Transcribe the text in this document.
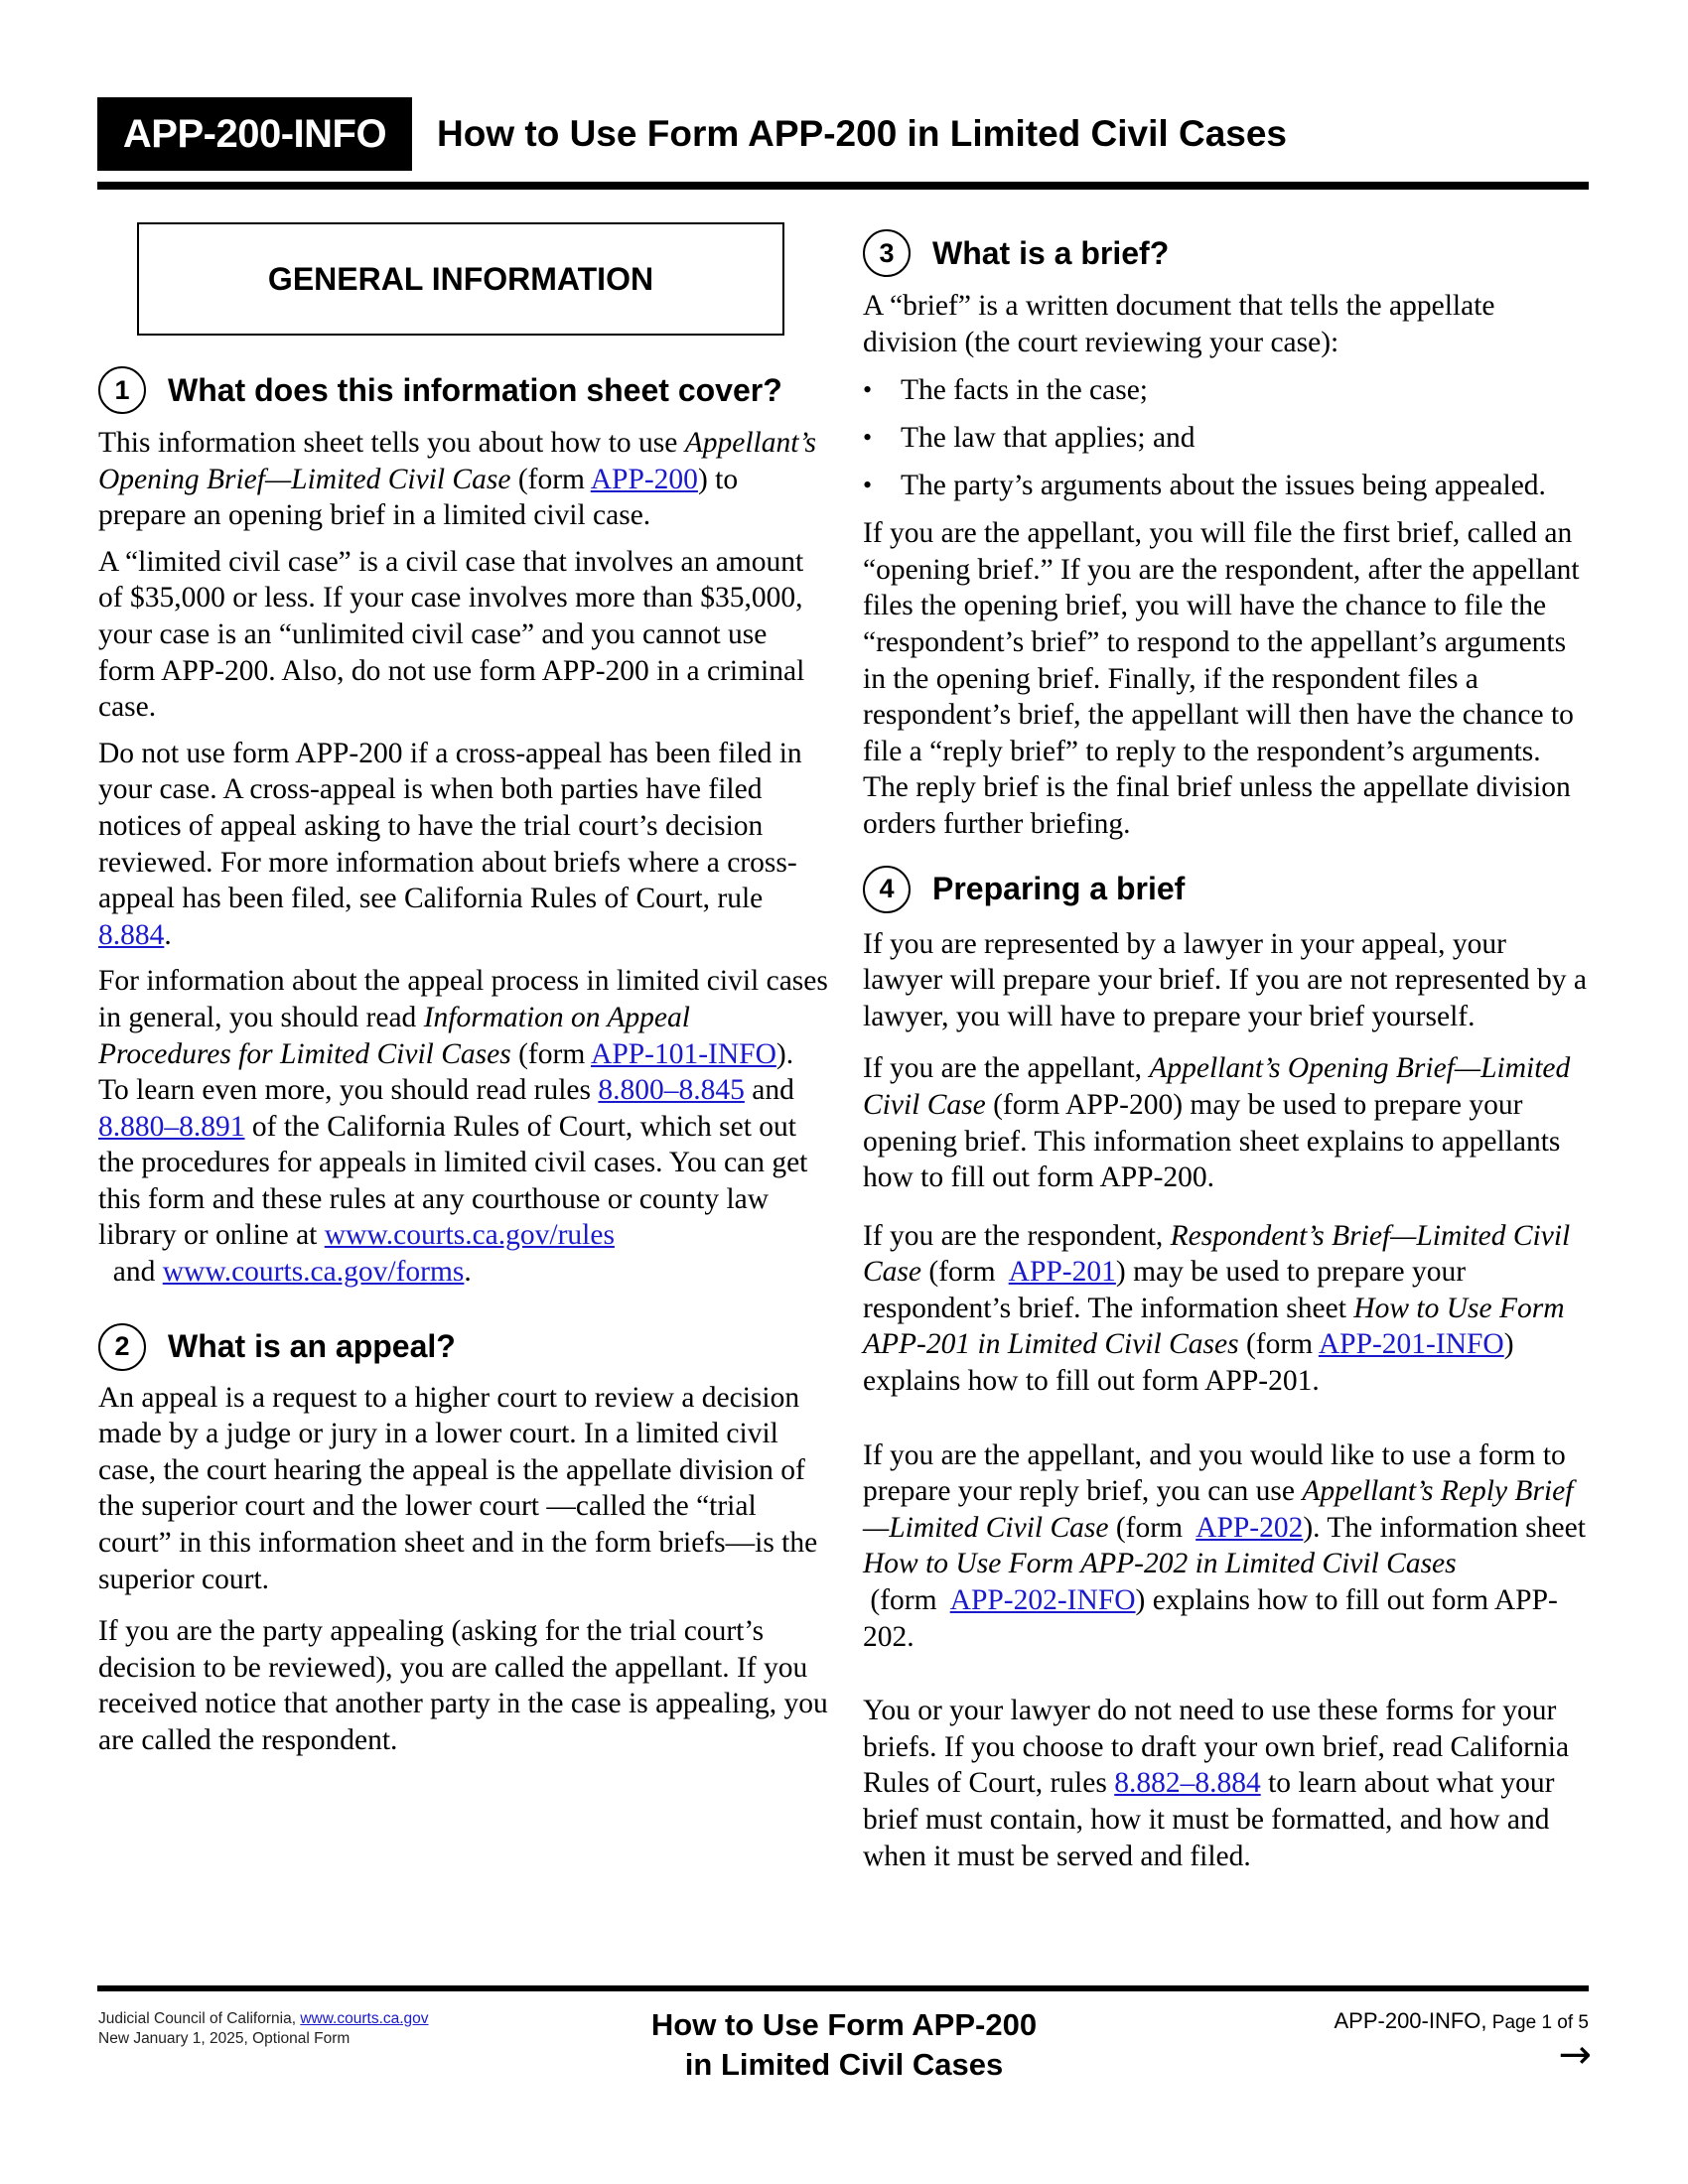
APP-200-INFO	How to Use Form APP-200 in Limited Civil Cases
GENERAL INFORMATION
1	What does this information sheet cover?

This information sheet tells you about how to use Appellant’s Opening Brief—Limited Civil Case (form APP-200) to prepare an opening brief in a limited civil case.

A “limited civil case” is a civil case that involves an amount of $35,000 or less. If your case involves more than $35,000, your case is an “unlimited civil case” and you cannot use form APP-200. Also, do not use form APP-200 in a criminal case.

Do not use form APP-200 if a cross-appeal has been filed in your case. A cross-appeal is when both parties have filed notices of appeal asking to have the trial court’s decision reviewed. For more information about briefs where a cross-appeal has been filed, see California Rules of Court, rule 8.884.

For information about the appeal process in limited civil cases in general, you should read Information on Appeal Procedures for Limited Civil Cases (form APP-101-INFO). To learn even more, you should read rules 8.800–8.845 and 8.880–8.891 of the California Rules of Court, which set out the procedures for appeals in limited civil cases. You can get this form and these rules at any courthouse or county law library or online at www.courts.ca.gov/rules  and www.courts.ca.gov/forms.

2	What is an appeal?

An appeal is a request to a higher court to review a decision made by a judge or jury in a lower court. In a limited civil case, the court hearing the appeal is the appellate division of the superior court and the lower court —called the “trial court” in this information sheet and in the form briefs—is the superior court.

If you are the party appealing (asking for the trial court’s decision to be reviewed), you are called the appellant. If you received notice that another party in the case is appealing, you are called the respondent.

3	What is a brief?

A “brief” is a written document that tells the appellate division (the court reviewing your case):

• The facts in the case;
• The law that applies; and
• The party’s arguments about the issues being appealed.

If you are the appellant, you will file the first brief, called an “opening brief.” If you are the respondent, after the appellant files the opening brief, you will have the chance to file the “respondent’s brief” to respond to the appellant’s arguments in the opening brief. Finally, if the respondent files a respondent’s brief, the appellant will then have the chance to file a “reply brief” to reply to the respondent’s arguments. The reply brief is the final brief unless the appellate division orders further briefing.

4	Preparing a brief

If you are represented by a lawyer in your appeal, your lawyer will prepare your brief. If you are not represented by a lawyer, you will have to prepare your brief yourself.

If you are the appellant, Appellant’s Opening Brief—Limited Civil Case (form APP-200) may be used to prepare your opening brief. This information sheet explains to appellants how to fill out form APP-200.

If you are the respondent, Respondent’s Brief—Limited Civil Case (form  APP-201) may be used to prepare your respondent’s brief. The information sheet How to Use Form APP-201 in Limited Civil Cases (form APP-201-INFO) explains how to fill out form APP-201.

If you are the appellant, and you would like to use a form to prepare your reply brief, you can use Appellant’s Reply Brief—Limited Civil Case (form  APP-202). The information sheet How to Use Form APP-202 in Limited Civil Cases (form  APP-202-INFO) explains how to fill out form APP-202.

You or your lawyer do not need to use these forms for your briefs. If you choose to draft your own brief, read California Rules of Court, rules 8.882–8.884 to learn about what your brief must contain, how it must be formatted, and how and when it must be served and filed.

Judicial Council of California, www.courts.ca.gov
New January 1, 2025, Optional Form	How to Use Form APP-200
in Limited Civil Cases
APP-200-INFO, Page 1 of 5
→
